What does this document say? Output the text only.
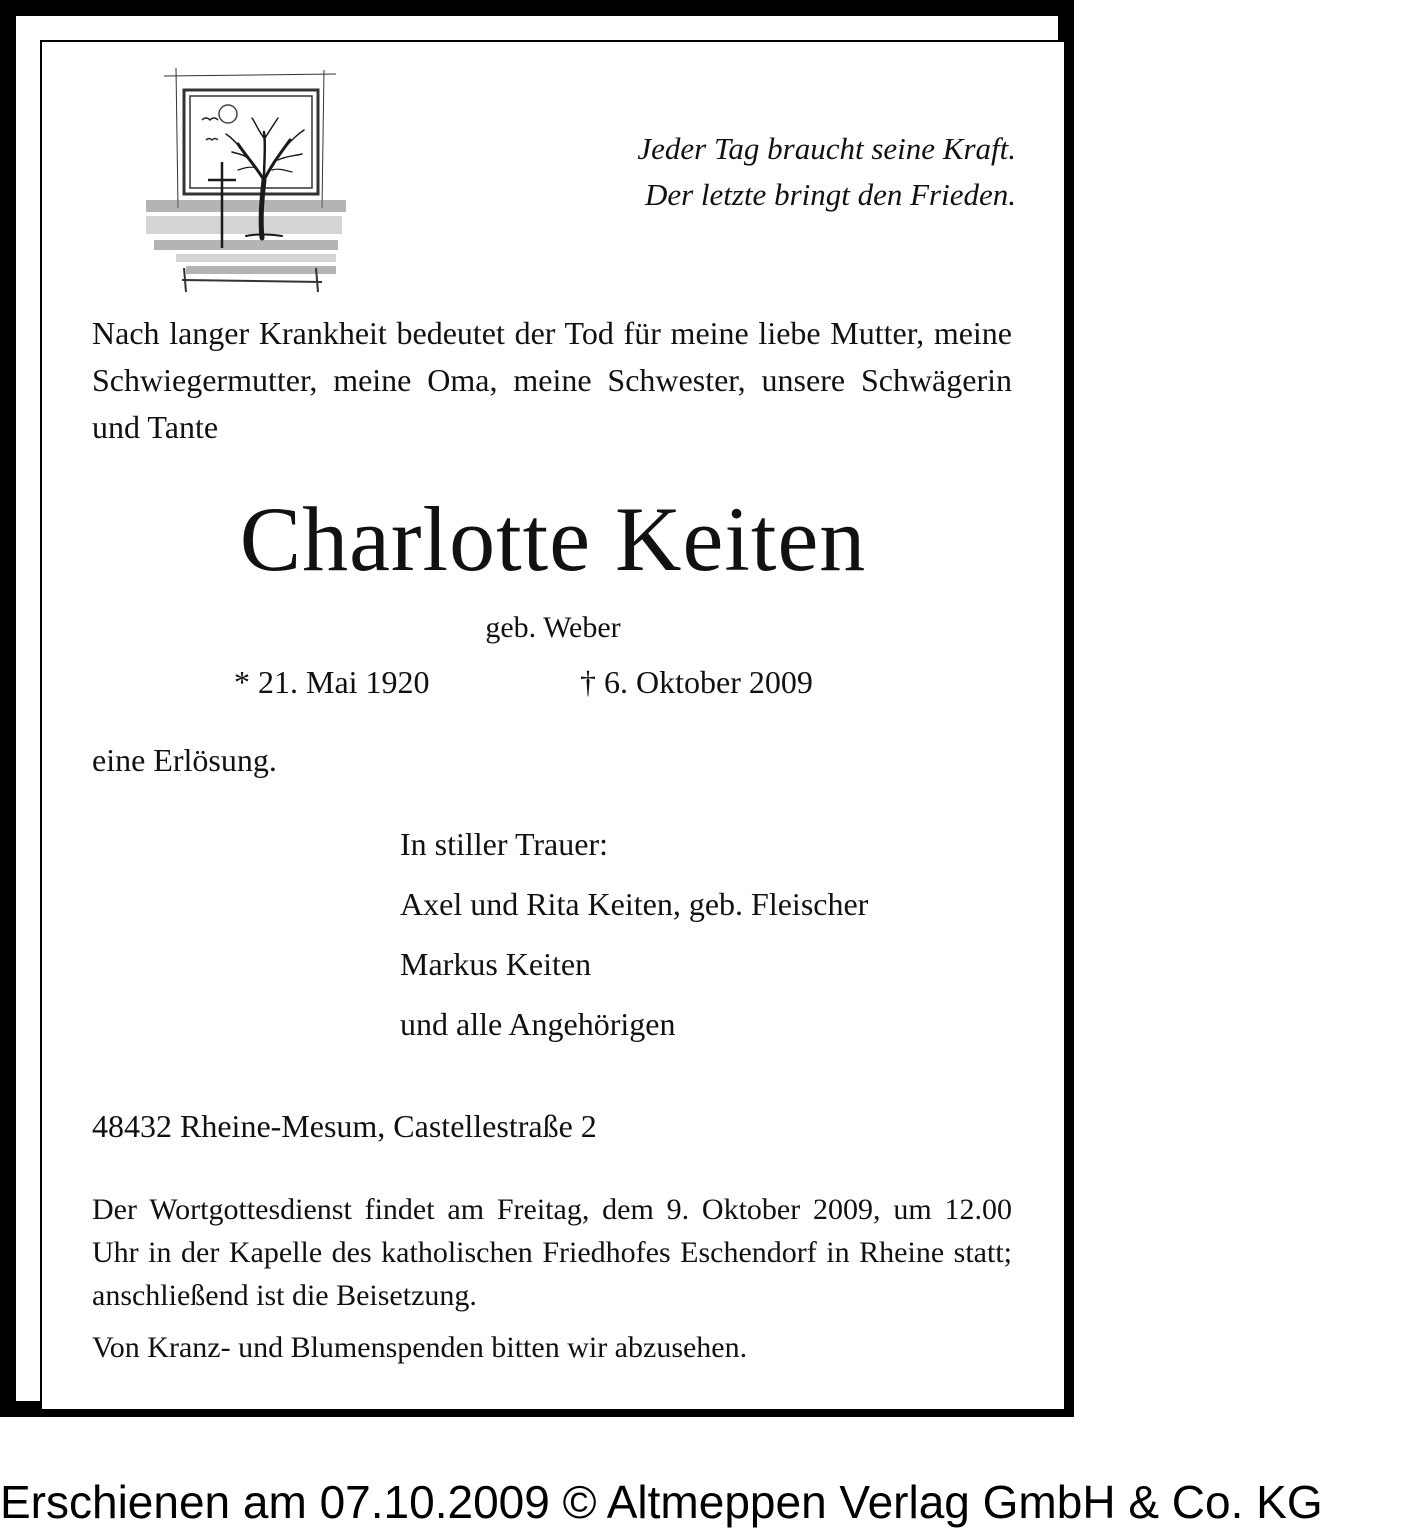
Jeder Tag braucht seine Kraft.
Der letzte bringt den Frieden.
Nach langer Krankheit bedeutet der Tod für meine liebe Mutter, meine Schwiegermutter, meine Oma, meine Schwester, unsere Schwägerin und Tante
Charlotte Keiten
geb. Weber
* 21. Mai 1920	† 6. Oktober 2009
eine Erlösung.
In stiller Trauer:
Axel und Rita Keiten, geb. Fleischer
Markus Keiten
und alle Angehörigen
48432 Rheine-Mesum, Castellestraße 2
Der Wortgottesdienst findet am Freitag, dem 9. Oktober 2009, um 12.00 Uhr in der Kapelle des katholischen Friedhofes Eschendorf in Rheine statt; anschließend ist die Beisetzung.
Von Kranz- und Blumenspenden bitten wir abzusehen.
Erschienen am 07.10.2009 © Altmeppen Verlag GmbH & Co. KG
